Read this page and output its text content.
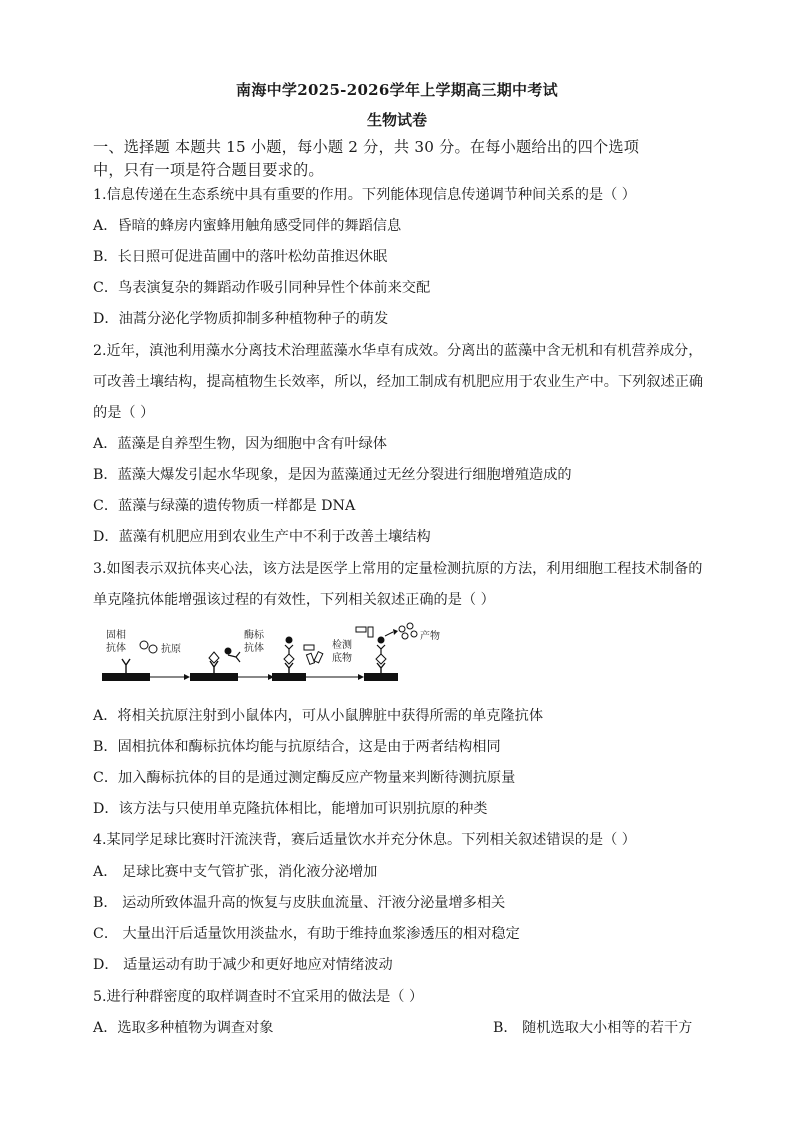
南海中学2025-2026学年上学期高三期中考试
生物试卷
一、选择题 本题共 15 小题，每小题 2 分，共 30 分。在每小题给出的四个选项
中，只有一项是符合题目要求的。
1.信息传递在生态系统中具有重要的作用。下列能体现信息传递调节种间关系的是（ ）
A．昏暗的蜂房内蜜蜂用触角感受同伴的舞蹈信息
B．长日照可促进苗圃中的落叶松幼苗推迟休眠
C．鸟表演复杂的舞蹈动作吸引同种异性个体前来交配
D．油蒿分泌化学物质抑制多种植物种子的萌发
2.近年，滇池利用藻水分离技术治理蓝藻水华卓有成效。分离出的蓝藻中含无机和有机营养成分，
可改善土壤结构，提高植物生长效率，所以，经加工制成有机肥应用于农业生产中。下列叙述正确
的是（ ）
A．蓝藻是自养型生物，因为细胞中含有叶绿体
B．蓝藻大爆发引起水华现象，是因为蓝藻通过无丝分裂进行细胞增殖造成的
C．蓝藻与绿藻的遗传物质一样都是 DNA
D．蓝藻有机肥应用到农业生产中不利于改善土壤结构
3.如图表示双抗体夹心法，该方法是医学上常用的定量检测抗原的方法，利用细胞工程技术制备的
单克隆抗体能增强该过程的有效性，下列相关叙述正确的是（ ）
固相
抗体	抗原
酶标
抗体	检测
底物
产物
A．将相关抗原注射到小鼠体内，可从小鼠脾脏中获得所需的单克隆抗体
B．固相抗体和酶标抗体均能与抗原结合，这是由于两者结构相同
C．加入酶标抗体的目的是通过测定酶反应产物量来判断待测抗原量
D．该方法与只使用单克隆抗体相比，能增加可识别抗原的种类
4.某同学足球比赛时汗流浃背，赛后适量饮水并充分休息。下列相关叙述错误的是（ ）
A． 足球比赛中支气管扩张，消化液分泌增加
B． 运动所致体温升高的恢复与皮肤血流量、汗液分泌量增多相关
C． 大量出汗后适量饮用淡盐水，有助于维持血浆渗透压的相对稳定
D． 适量运动有助于减少和更好地应对情绪波动
5.进行种群密度的取样调查时不宜采用的做法是（ ）
A．选取多种植物为调查对象	B． 随机选取大小相等的若干方
